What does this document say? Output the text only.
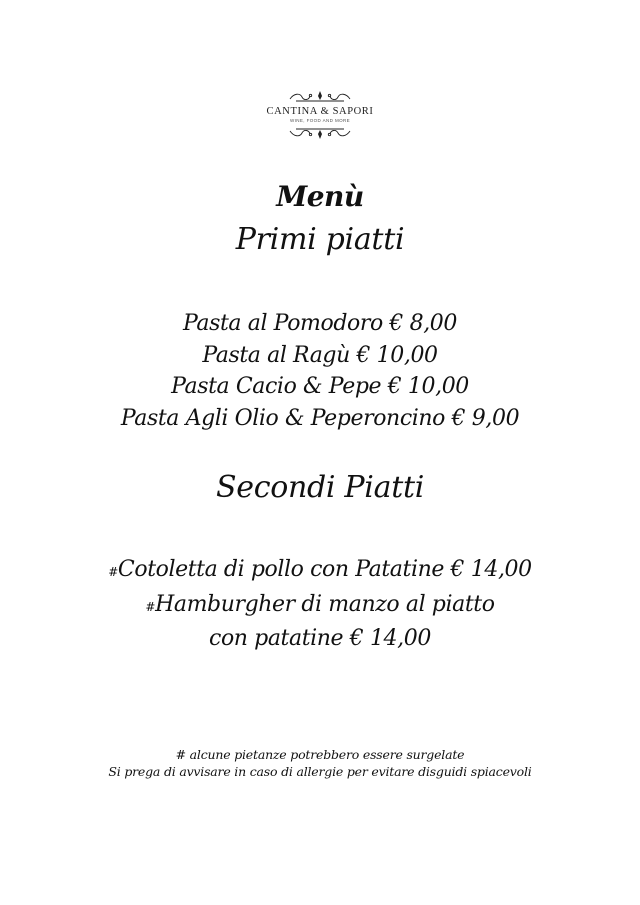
CANTINA & SAPORI
WINE, FOOD AND MORE
Menù
Primi piatti
Pasta al Pomodoro € 8,00
Pasta al Ragù € 10,00
Pasta Cacio & Pepe € 10,00
Pasta Agli Olio & Peperoncino € 9,00
Secondi Piatti
#Cotoletta di pollo con Patatine € 14,00
#Hamburgher di manzo al piatto
con patatine € 14,00
# alcune pietanze potrebbero essere surgelate
Si prega di avvisare in caso di allergie per evitare disguidi spiacevoli
